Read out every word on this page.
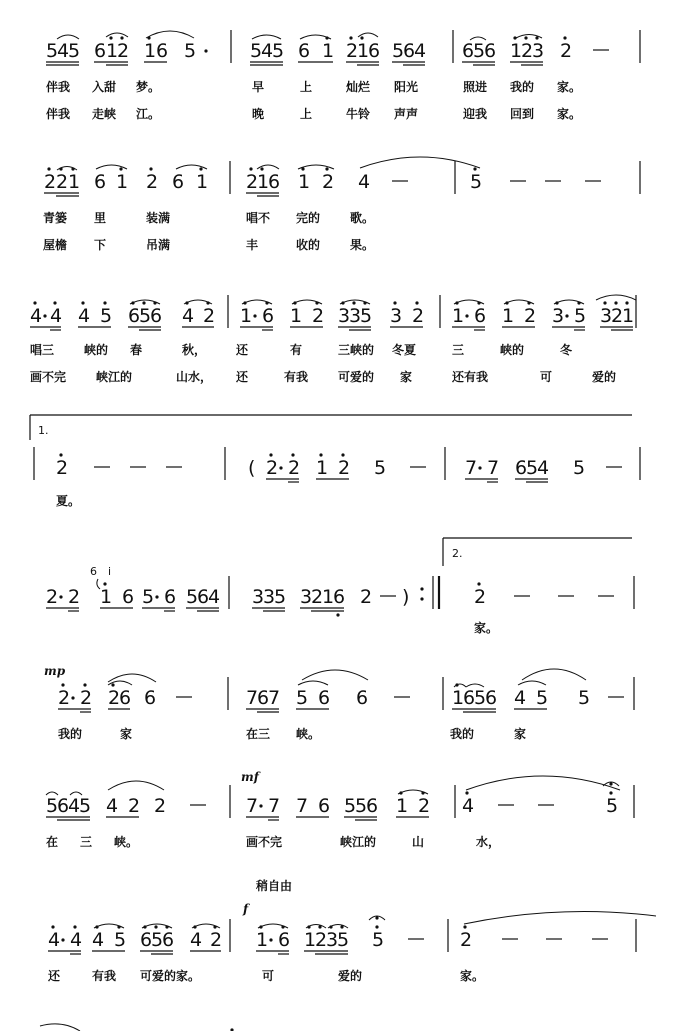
5
4
5 6 1
2 1 6 5	5
4
5 6 1 2
1
6 5
6
4 6
5
6 1
2
3 2
2 2 1 6 1 2 6 1 2
1
6 1 2 4	5
4 4 4 5 6
5
6 4 2 1 6 1 2 3
3
5 3 2 1 6 1 2 3 5 3
2
1
2	( 2 2 1 2 5	7 7 6
5
4 5
2 2 1 6 5 6 5
6
4 3
3
5 3
2
1
6 2 )	2
2 2 2
6 6	7
6
7 5 6 6	1
6
5
6 4 5 5
5
6
4
5 4 2 2	7 7 7 6 5
5
6 1 2 4	5
4 4 4 5 6
5
6 4 2 1 6 1
2
3
5 5	2
6 i
伴我 入甜 梦。	早	上	灿烂 阳光	照进 我的 家。
伴我 走峡 江。	晚	上	牛铃 声声	迎我 回到 家。
青篓 里	装满	唱不 完的 歌。
屋檐 下	吊满	丰	收的 果。
唱三 峡的 春	秋， 还	有	三峡的 冬夏	三	峡的	冬
画不完 峡江的	山水， 还	有我 可爱的 家	还有我	可	爱的
夏。
家。
我的	家	在三 峡。	我的	家
在 三 峡。	画不完	峡江的	山	水，
还	有我 可爱的家。	可	爱的	家。
1.
2.
mp
mf
稍自由
f
